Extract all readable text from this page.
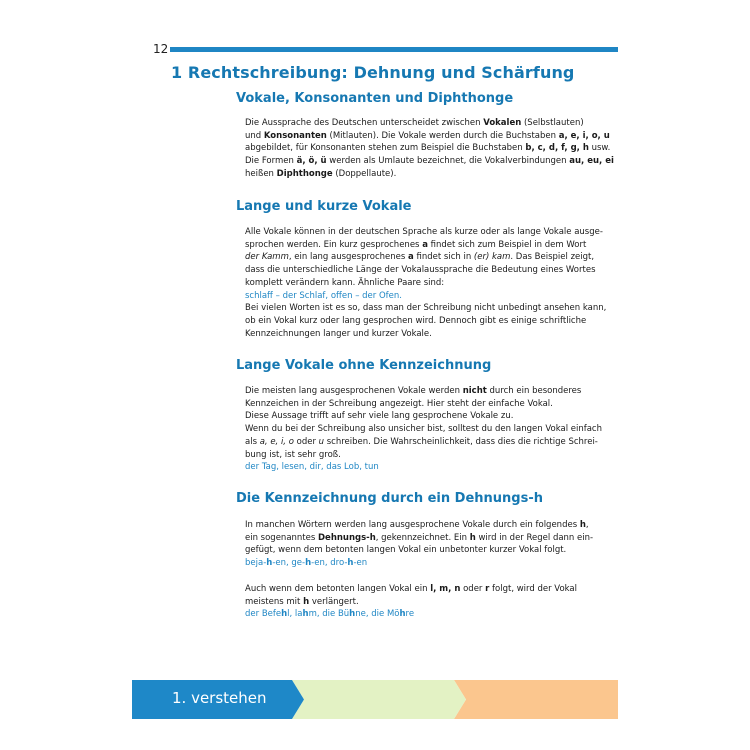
12
1 Rechtschreibung: Dehnung und Schärfung
Vokale, Konsonanten und Diphthonge

Die Aussprache des Deutschen unterscheidet zwischen Vokalen (Selbstlauten)
und Konsonanten (Mitlauten). Die Vokale werden durch die Buchstaben a, e, i, o, u
abgebildet, für Konsonanten stehen zum Beispiel die Buchstaben b, c, d, f, g, h usw.
Die Formen ä, ö, ü werden als Umlaute bezeichnet, die Vokalverbindungen au, eu, ei
heißen Diphthonge (Doppellaute).

Lange und kurze Vokale

Alle Vokale können in der deutschen Sprache als kurze oder als lange Vokale ausge-
sprochen werden. Ein kurz gesprochenes a findet sich zum Beispiel in dem Wort
der Kamm, ein lang ausgesprochenes a findet sich in (er) kam. Das Beispiel zeigt,
dass die unterschiedliche Länge der Vokalaussprache die Bedeutung eines Wortes
komplett verändern kann. Ähnliche Paare sind:
schlaff – der Schlaf, offen – der Ofen.
Bei vielen Worten ist es so, dass man der Schreibung nicht unbedingt ansehen kann,
ob ein Vokal kurz oder lang gesprochen wird. Dennoch gibt es einige schriftliche
Kennzeichnungen langer und kurzer Vokale.

Lange Vokale ohne Kennzeichnung

Die meisten lang ausgesprochenen Vokale werden nicht durch ein besonderes
Kennzeichen in der Schreibung angezeigt. Hier steht der einfache Vokal.
Diese Aussage trifft auf sehr viele lang gesprochene Vokale zu.
Wenn du bei der Schreibung also unsicher bist, solltest du den langen Vokal einfach
als a, e, i, o oder u schreiben. Die Wahrscheinlichkeit, dass dies die richtige Schrei-
bung ist, ist sehr groß.
der Tag, lesen, dir, das Lob, tun

Die Kennzeichnung durch ein Dehnungs-h

In manchen Wörtern werden lang ausgesprochene Vokale durch ein folgendes h,
ein sogenanntes Dehnungs-h, gekennzeichnet. Ein h wird in der Regel dann ein-
gefügt, wenn dem betonten langen Vokal ein unbetonter kurzer Vokal folgt.
beja-h-en, ge-h-en, dro-h-en

Auch wenn dem betonten langen Vokal ein l, m, n oder r folgt, wird der Vokal
meistens mit h verlängert.
der Befehl, lahm, die Bühne, die Möhre

1. verstehen
